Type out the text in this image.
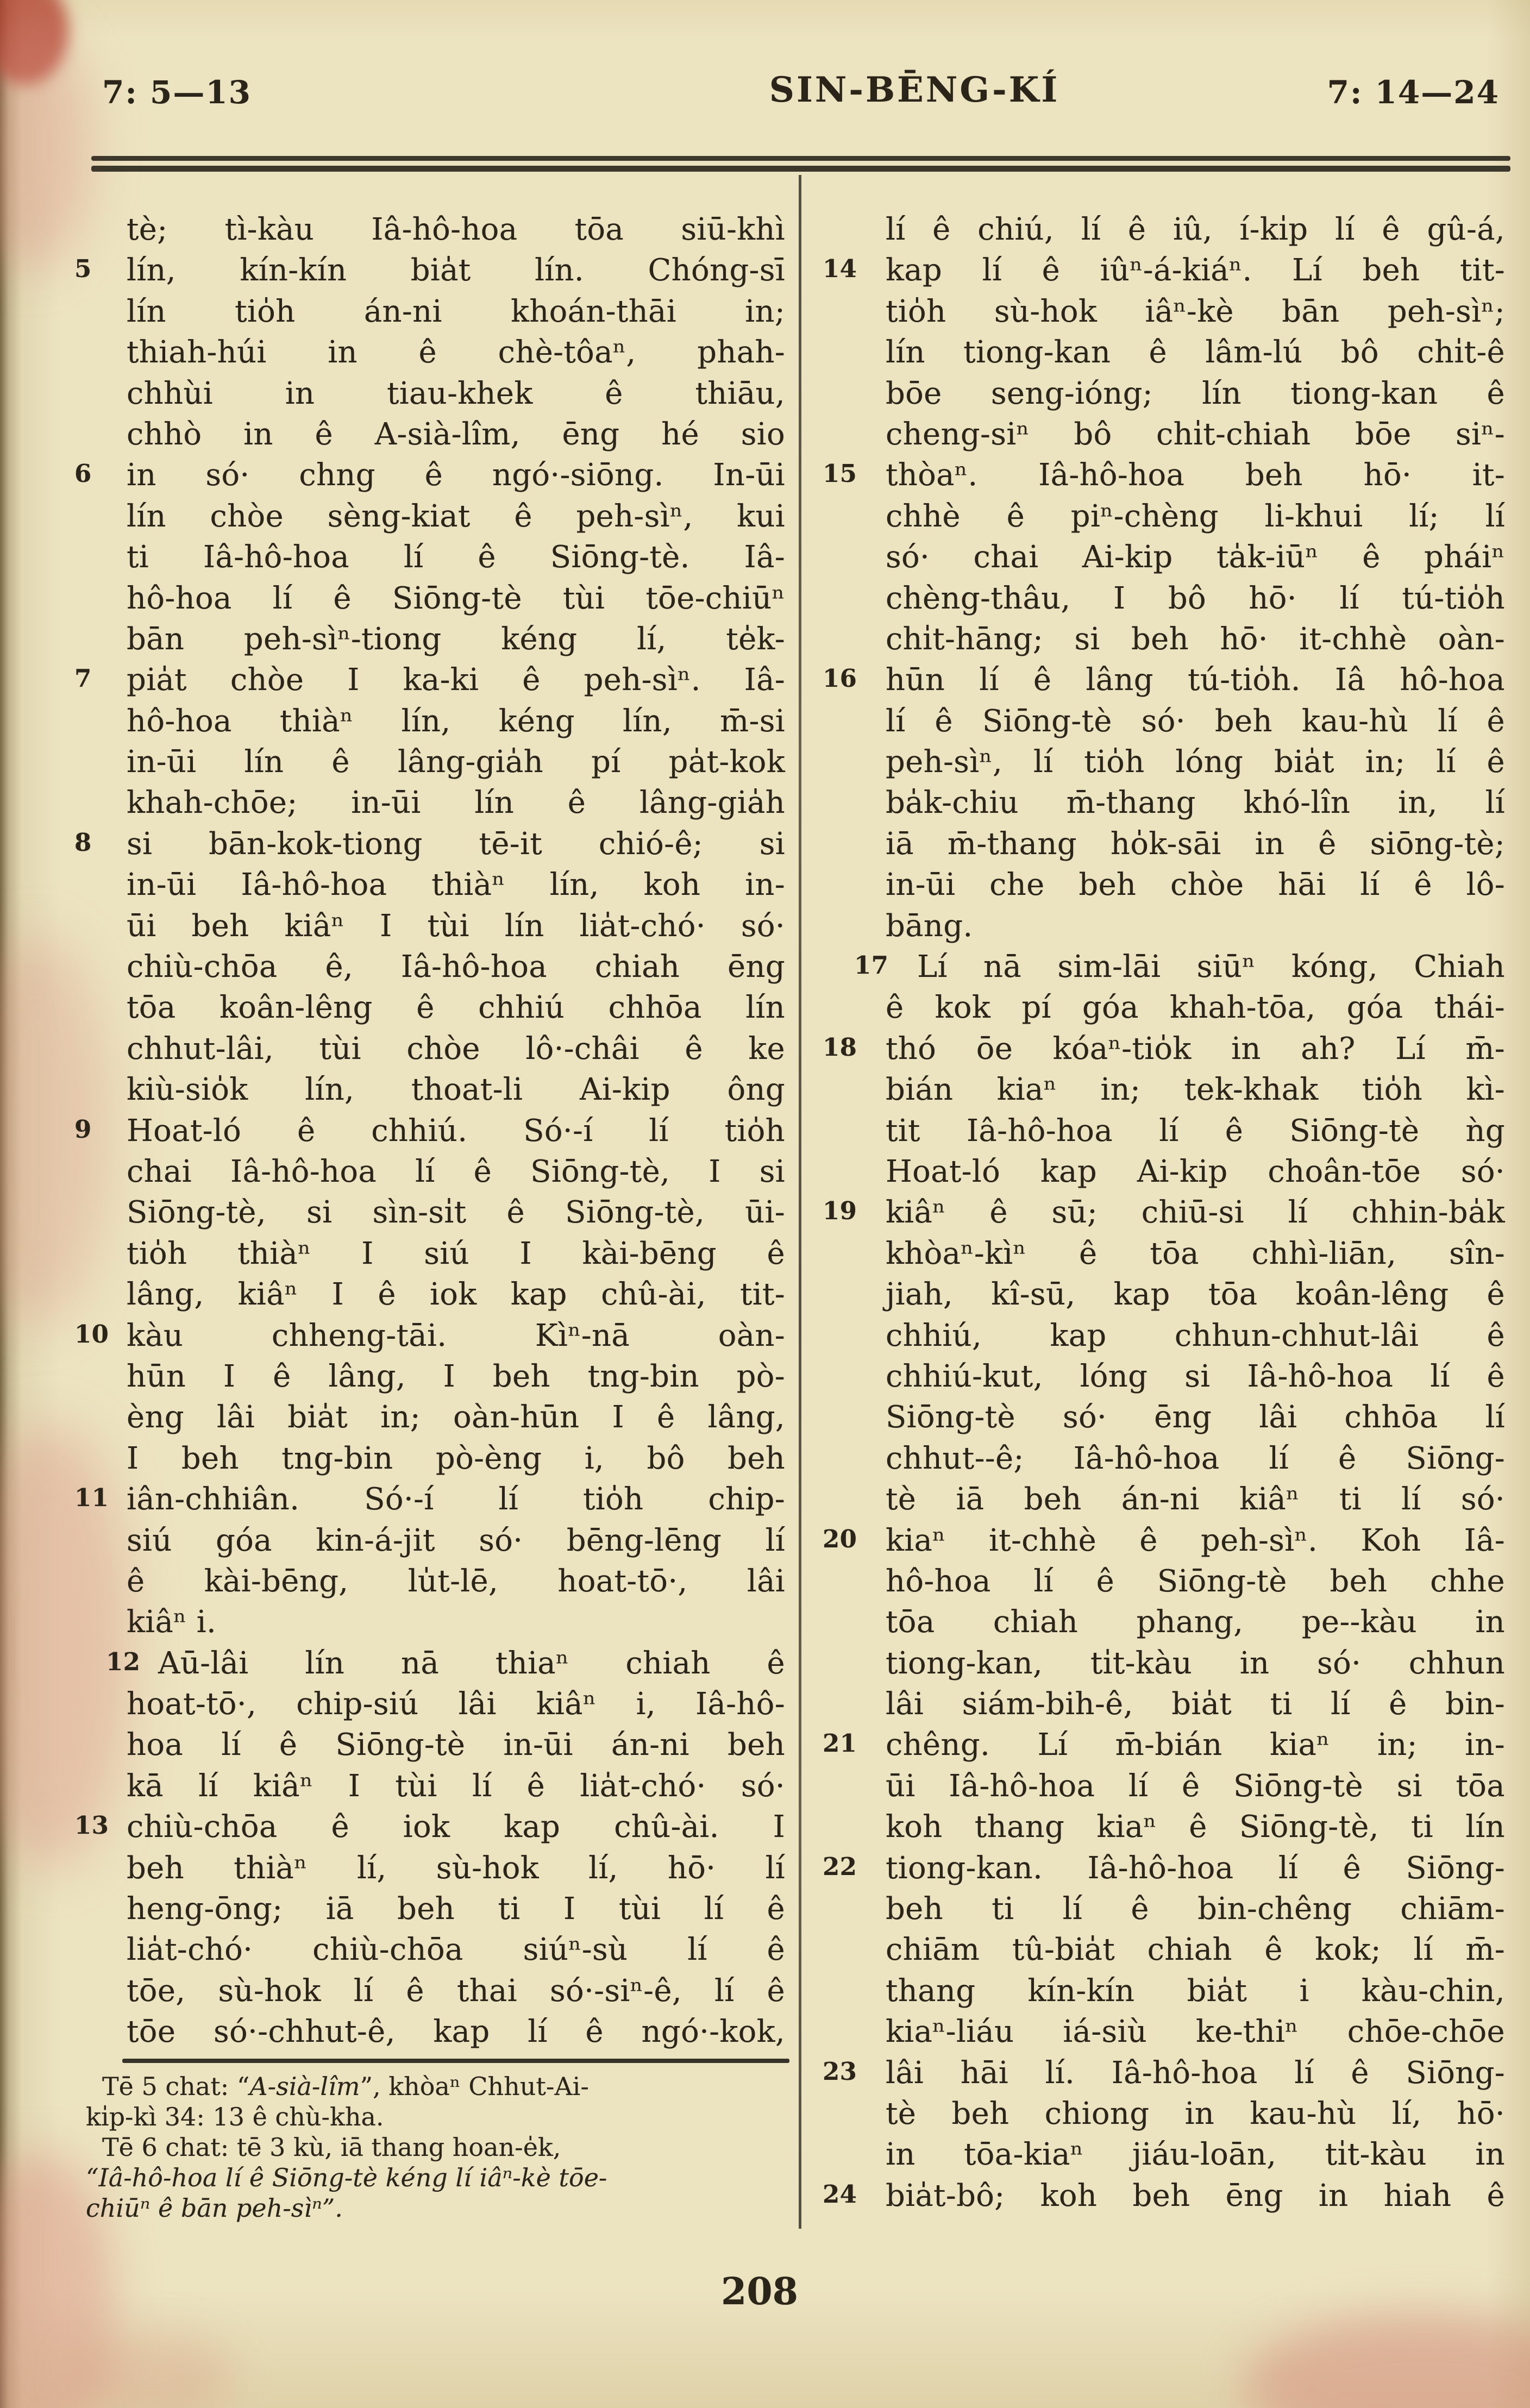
7: 5—13	SIN-BĒNG-KÍ	7: 14—24
tè; tì-kàu Iâ-hô-hoa tōa siū-khì
5	lín, kín-kín bia̍t lín. Chóng-sī
lín tio̍h án-ni khoán-thāi in;
thiah-húi in ê chè-tôaⁿ, phah-
chhùi in tiau-khek ê thiāu,
chhò in ê A-sià-lîm, ēng hé sio
6	in só· chng ê ngó·-siōng. In-ūi
lín chòe sèng-kiat ê peh-sìⁿ, kui
ti Iâ-hô-hoa lí ê Siōng-tè. Iâ-
hô-hoa lí ê Siōng-tè tùi tōe-chiūⁿ
bān peh-sìⁿ-tiong kéng lí, te̍k-
7	pia̍t chòe I ka-ki ê peh-sìⁿ. Iâ-
hô-hoa thiàⁿ lín, kéng lín, m̄-si
in-ūi lín ê lâng-gia̍h pí pa̍t-kok
khah-chōe; in-ūi lín ê lâng-gia̍h
8	si bān-kok-tiong tē-it chió-ê; si
in-ūi Iâ-hô-hoa thiàⁿ lín, koh in-
ūi beh kiâⁿ I tùi lín lia̍t-chó· só·
chiù-chōa ê, Iâ-hô-hoa chiah ēng
tōa koân-lêng ê chhiú chhōa lín
chhut-lâi, tùi chòe lô·-châi ê ke
kiù-sio̍k lín, thoat-li Ai-kip ông
9	Hoat-ló ê chhiú. Só·-í lí tio̍h
chai Iâ-hô-hoa lí ê Siōng-tè, I si
Siōng-tè, si sìn-si̍t ê Siōng-tè, ūi-
tio̍h thiàⁿ I siú I kài-bēng ê
lâng, kiâⁿ I ê iok kap chû-ài, tit-
10 kàu chheng-tāi. Kìⁿ-nā oàn-
hūn I ê lâng, I beh tng-bin pò-
èng lâi bia̍t in; oàn-hūn I ê lâng,
I beh tng-bin pò-èng i, bô beh
11 iân-chhiân. Só·-í lí tio̍h chip-
siú góa kin-á-jit só· bēng-lēng lí
ê kài-bēng, lu̍t-lē, hoat-tō·, lâi
kiâⁿ i.
12 Aū-lâi lín nā thiaⁿ chiah ê
hoat-tō·, chip-siú lâi kiâⁿ i, Iâ-hô-
hoa lí ê Siōng-tè in-ūi án-ni beh
kā lí kiâⁿ I tùi lí ê lia̍t-chó· só·
13 chiù-chōa ê iok kap chû-ài. I
beh thiàⁿ lí, sù-hok lí, hō· lí
heng-ōng; iā beh ti I tùi lí ê
lia̍t-chó· chiù-chōa siúⁿ-sù lí ê
tōe, sù-hok lí ê thai só·-siⁿ-ê, lí ê
tōe só·-chhut-ê, kap lí ê ngó·-kok,
lí ê chiú, lí ê iû, í-ki̍p lí ê gû-á,
14 kap lí ê iûⁿ-á-kiáⁿ. Lí beh tit-
tio̍h sù-hok iâⁿ-kè bān peh-sìⁿ;
lín tiong-kan ê lâm-lú bô chi̍t-ê
bōe seng-ióng; lín tiong-kan ê
cheng-siⁿ bô chi̍t-chiah bōe siⁿ-
15 thòaⁿ. Iâ-hô-hoa beh hō· it-
chhè ê piⁿ-chèng li-khui lí; lí
só· chai Ai-kip ta̍k-iūⁿ ê pháiⁿ
chèng-thâu, I bô hō· lí tú-tio̍h
chi̍t-hāng; si beh hō· it-chhè oàn-
16 hūn lí ê lâng tú-tio̍h. Iâ hô-hoa
lí ê Siōng-tè só· beh kau-hù lí ê
peh-sìⁿ, lí tio̍h lóng bia̍t in; lí ê
ba̍k-chiu m̄-thang khó-lîn in, lí
iā m̄-thang ho̍k-sāi in ê siōng-tè;
in-ūi che beh chòe hāi lí ê lô-
bāng.
17 Lí nā sim-lāi siūⁿ kóng, Chiah
ê kok pí góa khah-tōa, góa thái-
18 thó ōe kóaⁿ-tio̍k in ah? Lí m̄-
bián kiaⁿ in; tek-khak tio̍h kì-
tit Iâ-hô-hoa lí ê Siōng-tè ǹg
Hoat-ló kap Ai-kip choân-tōe só·
19 kiâⁿ ê sū; chiū-si lí chhin-ba̍k
khòaⁿ-kìⁿ ê tōa chhì-liān, sîn-
jiah, kî-sū, kap tōa koân-lêng ê
chhiú, kap chhun-chhut-lâi ê
chhiú-kut, lóng si Iâ-hô-hoa lí ê
Siōng-tè só· ēng lâi chhōa lí
chhut--ê; Iâ-hô-hoa lí ê Siōng-
tè iā beh án-ni kiâⁿ ti lí só·
20 kiaⁿ it-chhè ê peh-sìⁿ. Koh Iâ-
hô-hoa lí ê Siōng-tè beh chhe
tōa chiah phang, pe--kàu in
tiong-kan, ti̍t-kàu in só· chhun
lâi siám-bih-ê, bia̍t ti lí ê bin-
21 chêng. Lí m̄-bián kiaⁿ in; in-
ūi Iâ-hô-hoa lí ê Siōng-tè si tōa
koh thang kiaⁿ ê Siōng-tè, ti lín
22 tiong-kan. Iâ-hô-hoa lí ê Siōng-
beh ti lí ê bin-chêng chiām-
chiām tû-bia̍t chiah ê kok; lí m̄-
thang kín-kín bia̍t i kàu-chin,
kiaⁿ-liáu iá-siù ke-thiⁿ chōe-chōe
23 lâi hāi lí. Iâ-hô-hoa lí ê Siōng-
tè beh chiong in kau-hù lí, hō·
in tōa-kiaⁿ jiáu-loān, ti̍t-kàu in
24 bia̍t-bô; koh beh ēng in hiah ê
Tē 5 chat: “A-sià-lîm”, khòaⁿ Chhut-Ai-
ki̍p-kì 34: 13 ê chù-kha.
Tē 6 chat: tē 3 kù, iā thang hoan-e̍k,
“Iâ-hô-hoa lí ê Siōng-tè kéng lí iâⁿ-kè tōe-
chiūⁿ ê bān peh-sìⁿ”.
208
